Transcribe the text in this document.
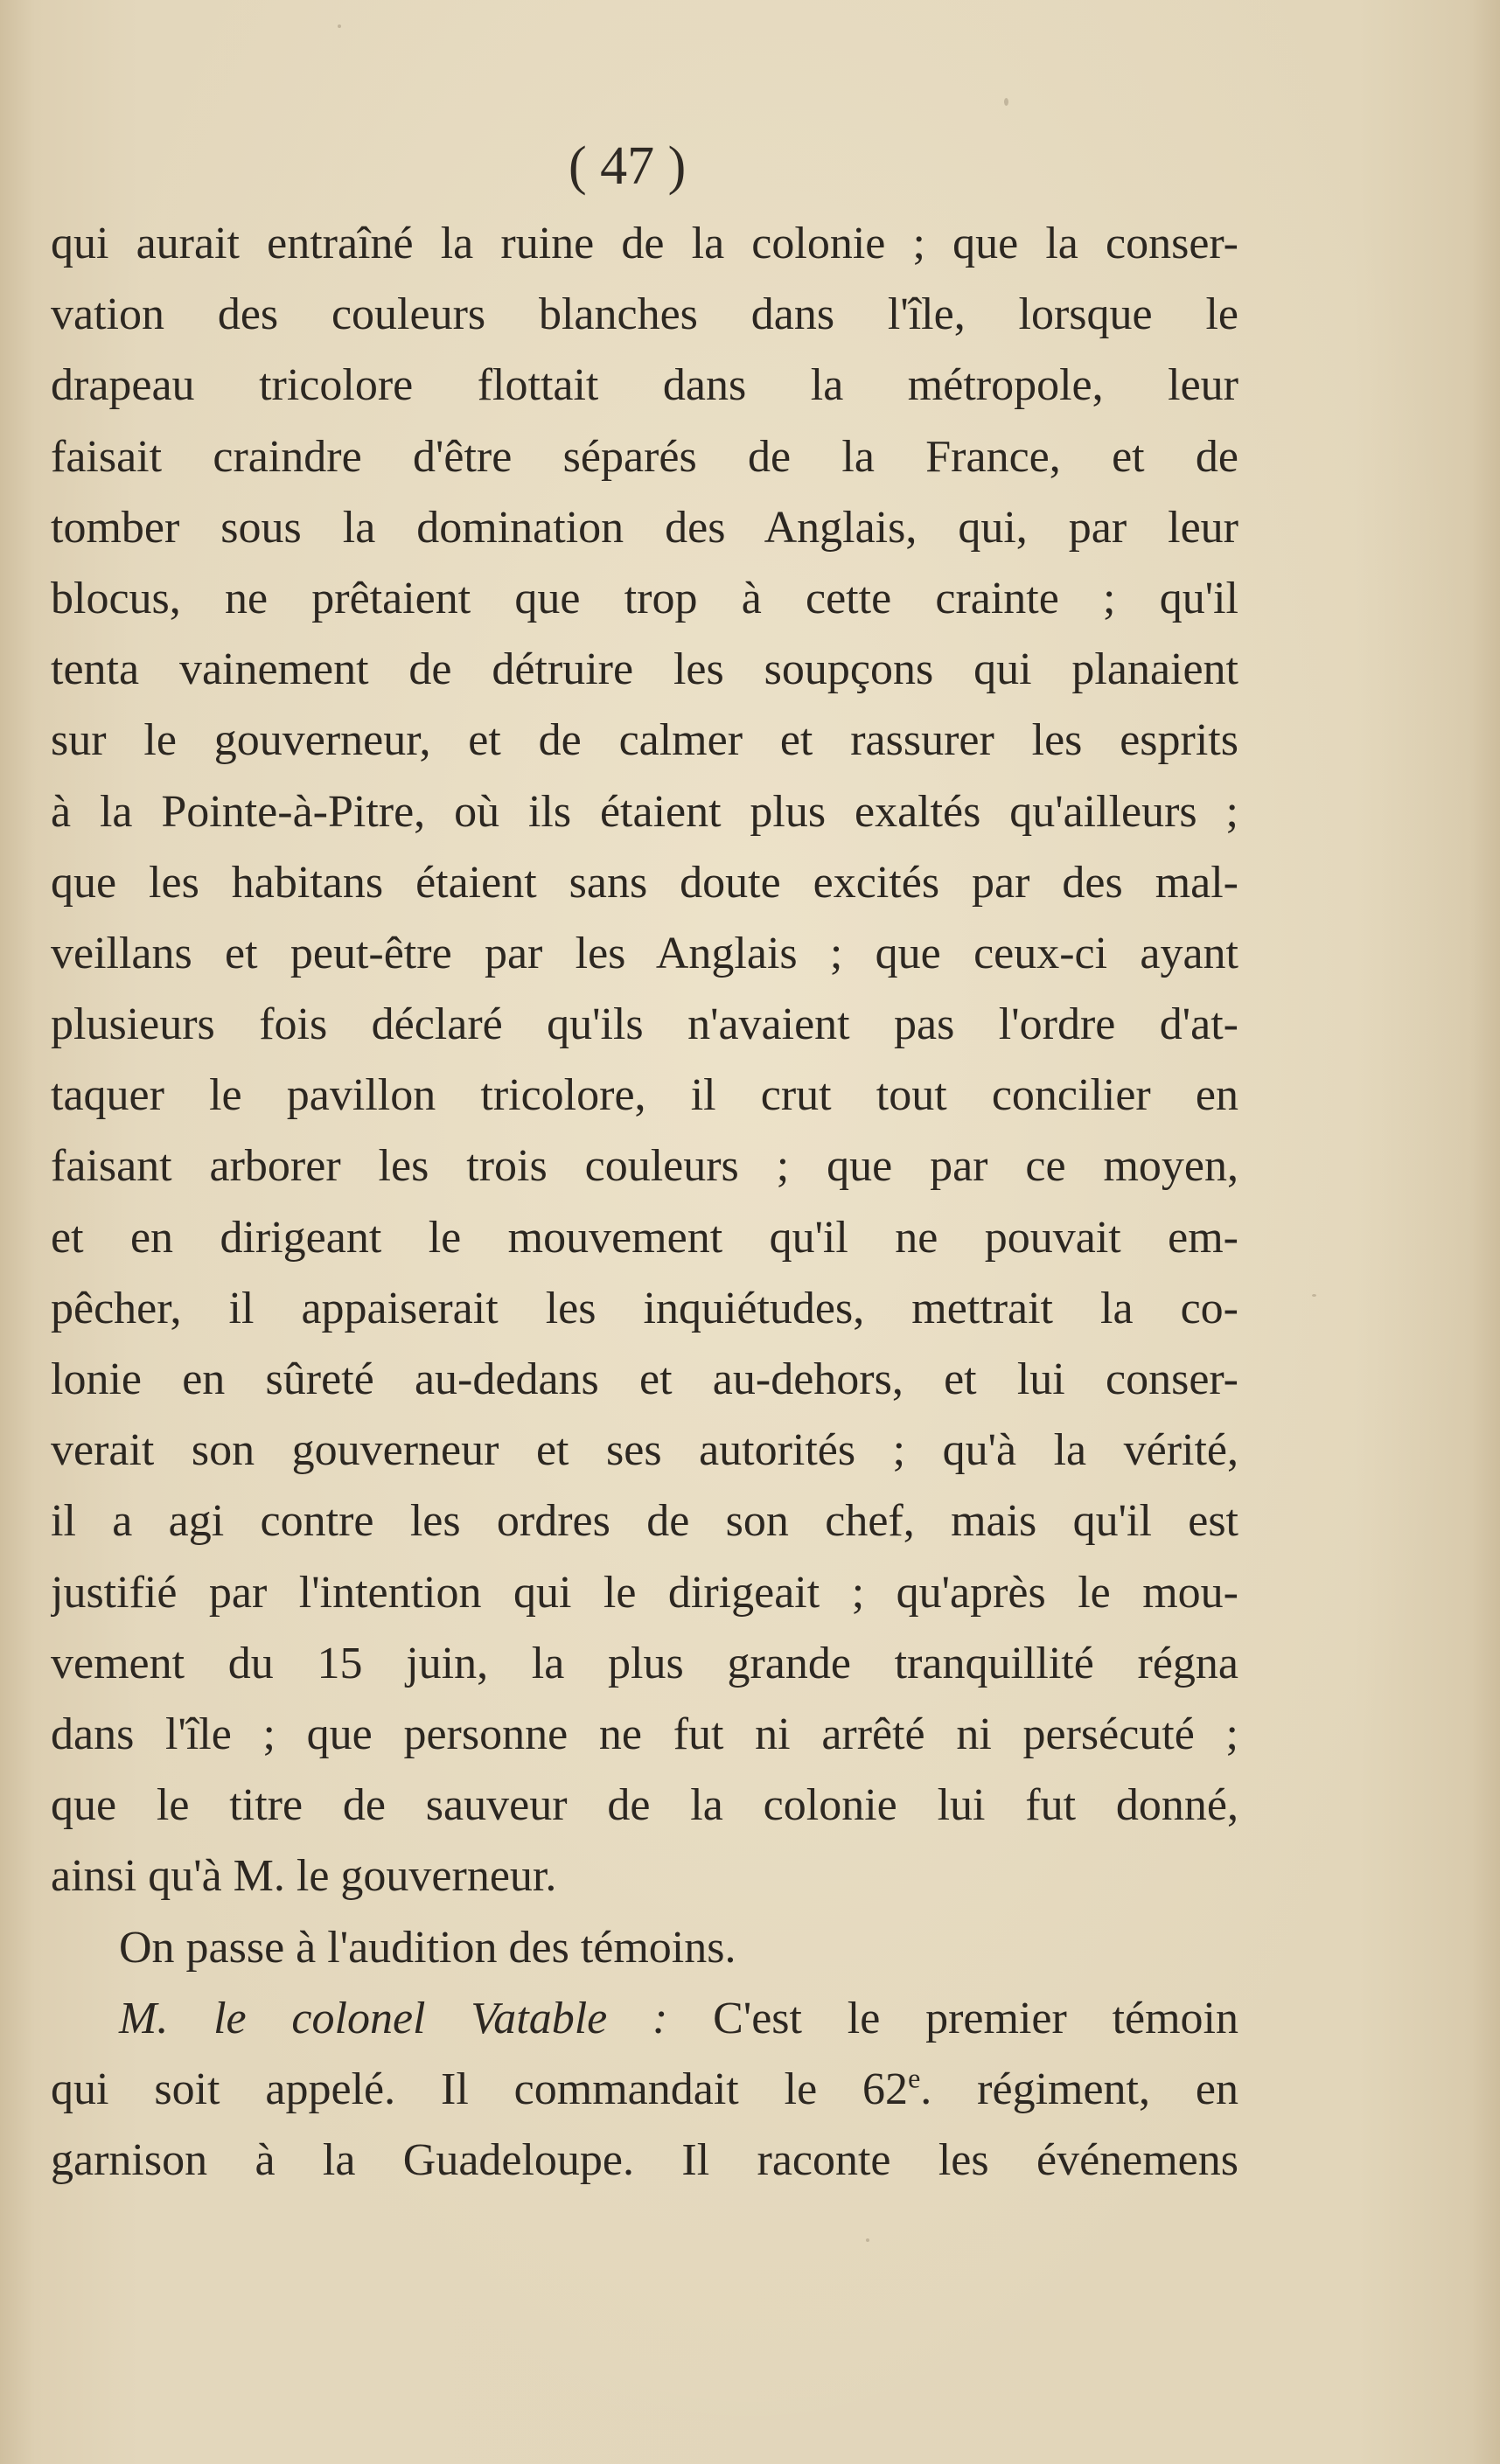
( 47 )
qui aurait entraîné la ruine de la colonie ; que la conser-
vation des couleurs blanches dans l'île, lorsque le
drapeau tricolore flottait dans la métropole, leur
faisait craindre d'être séparés de la France, et de
tomber sous la domination des Anglais, qui, par leur
blocus, ne prêtaient que trop à cette crainte ; qu'il
tenta vainement de détruire les soupçons qui planaient
sur le gouverneur, et de calmer et rassurer les esprits
à la Pointe-à-Pitre, où ils étaient plus exaltés qu'ailleurs ;
que les habitans étaient sans doute excités par des mal-
veillans et peut-être par les Anglais ; que ceux-ci ayant
plusieurs fois déclaré qu'ils n'avaient pas l'ordre d'at-
taquer le pavillon tricolore, il crut tout concilier en
faisant arborer les trois couleurs ; que par ce moyen,
et en dirigeant le mouvement qu'il ne pouvait em-
pêcher, il appaiserait les inquiétudes, mettrait la co-
lonie en sûreté au-dedans et au-dehors, et lui conser-
verait son gouverneur et ses autorités ; qu'à la vérité,
il a agi contre les ordres de son chef, mais qu'il est
justifié par l'intention qui le dirigeait ; qu'après le mou-
vement du 15 juin, la plus grande tranquillité régna
dans l'île ; que personne ne fut ni arrêté ni persécuté ;
que le titre de sauveur de la colonie lui fut donné,
ainsi qu'à M. le gouverneur.
On passe à l'audition des témoins.
M. le colonel Vatable : C'est le premier témoin
qui soit appelé. Il commandait le 62e. régiment, en
garnison à la Guadeloupe. Il raconte les événemens
